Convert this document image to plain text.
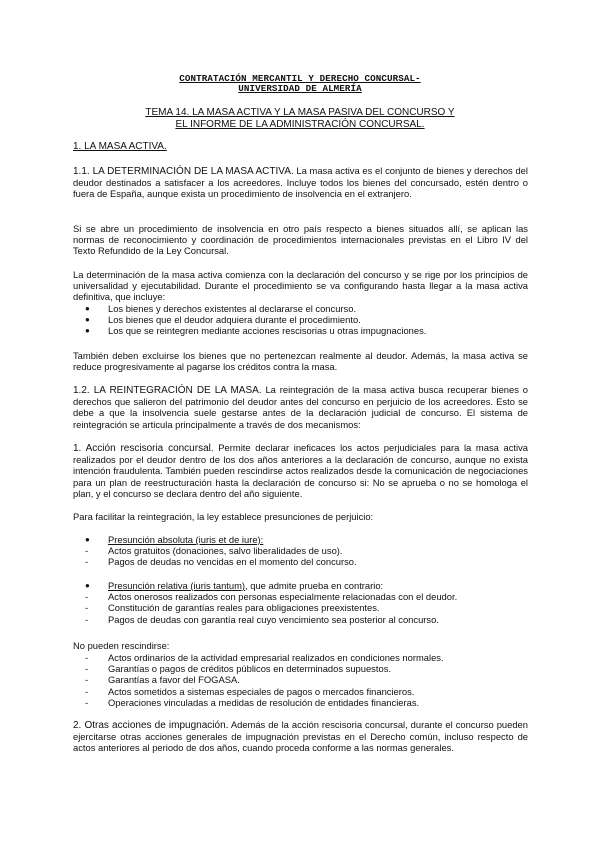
CONTRATACIÓN MERCANTIL Y DERECHO CONCURSAL-
UNIVERSIDAD DE ALMERÍA
TEMA 14. LA MASA ACTIVA Y LA MASA PASIVA DEL CONCURSO Y
EL INFORME DE LA ADMINISTRACIÓN CONCURSAL.
1. LA MASA ACTIVA.

1.1. LA DETERMINACIÓN DE LA MASA ACTIVA. La masa activa es el conjunto de bienes y derechos del deudor destinados a satisfacer a los acreedores. Incluye todos los bienes del concursado, estén dentro o fuera de España, aunque exista un procedimiento de insolvencia en el extranjero.

Si se abre un procedimiento de insolvencia en otro país respecto a bienes situados allí, se aplican las normas de reconocimiento y coordinación de procedimientos internacionales previstas en el Libro IV del Texto Refundido de la Ley Concursal.

La determinación de la masa activa comienza con la declaración del concurso y se rige por los principios de universalidad y ejecutabilidad. Durante el procedimiento se va configurando hasta llegar a la masa activa definitiva, que incluye:

● Los bienes y derechos existentes al declararse el concurso.
● Los bienes que el deudor adquiera durante el procedimiento.
● Los que se reintegren mediante acciones rescisorias u otras impugnaciones.

También deben excluirse los bienes que no pertenezcan realmente al deudor. Además, la masa activa se reduce progresivamente al pagarse los créditos contra la masa.

1.2. LA REINTEGRACIÓN DE LA MASA. La reintegración de la masa activa busca recuperar bienes o derechos que salieron del patrimonio del deudor antes del concurso en perjuicio de los acreedores. Esto se debe a que la insolvencia suele gestarse antes de la declaración judicial de concurso. El sistema de reintegración se articula principalmente a través de dos mecanismos:

1. Acción rescisoria concursal. Permite declarar ineficaces los actos perjudiciales para la masa activa realizados por el deudor dentro de los dos años anteriores a la declaración de concurso, aunque no exista intención fraudulenta. También pueden rescindirse actos realizados desde la comunicación de negociaciones para un plan de reestructuración hasta la declaración de concurso si: No se aprueba o no se homologa el plan, y el concurso se declara dentro del año siguiente.

Para facilitar la reintegración, la ley establece presunciones de perjuicio:

● Presunción absoluta (iuris et de iure):
- Actos gratuitos (donaciones, salvo liberalidades de uso).
- Pagos de deudas no vencidas en el momento del concurso.
● Presunción relativa (iuris tantum), que admite prueba en contrario:
- Actos onerosos realizados con personas especialmente relacionadas con el deudor.
- Constitución de garantías reales para obligaciones preexistentes.
- Pagos de deudas con garantía real cuyo vencimiento sea posterior al concurso.

No pueden rescindirse:

- Actos ordinarios de la actividad empresarial realizados en condiciones normales.
- Garantías o pagos de créditos públicos en determinados supuestos.
- Garantías a favor del FOGASA.
- Actos sometidos a sistemas especiales de pagos o mercados financieros.
- Operaciones vinculadas a medidas de resolución de entidades financieras.

2. Otras acciones de impugnación. Además de la acción rescisoria concursal, durante el concurso pueden ejercitarse otras acciones generales de impugnación previstas en el Derecho común, incluso respecto de actos anteriores al periodo de dos años, cuando proceda conforme a las normas generales.
